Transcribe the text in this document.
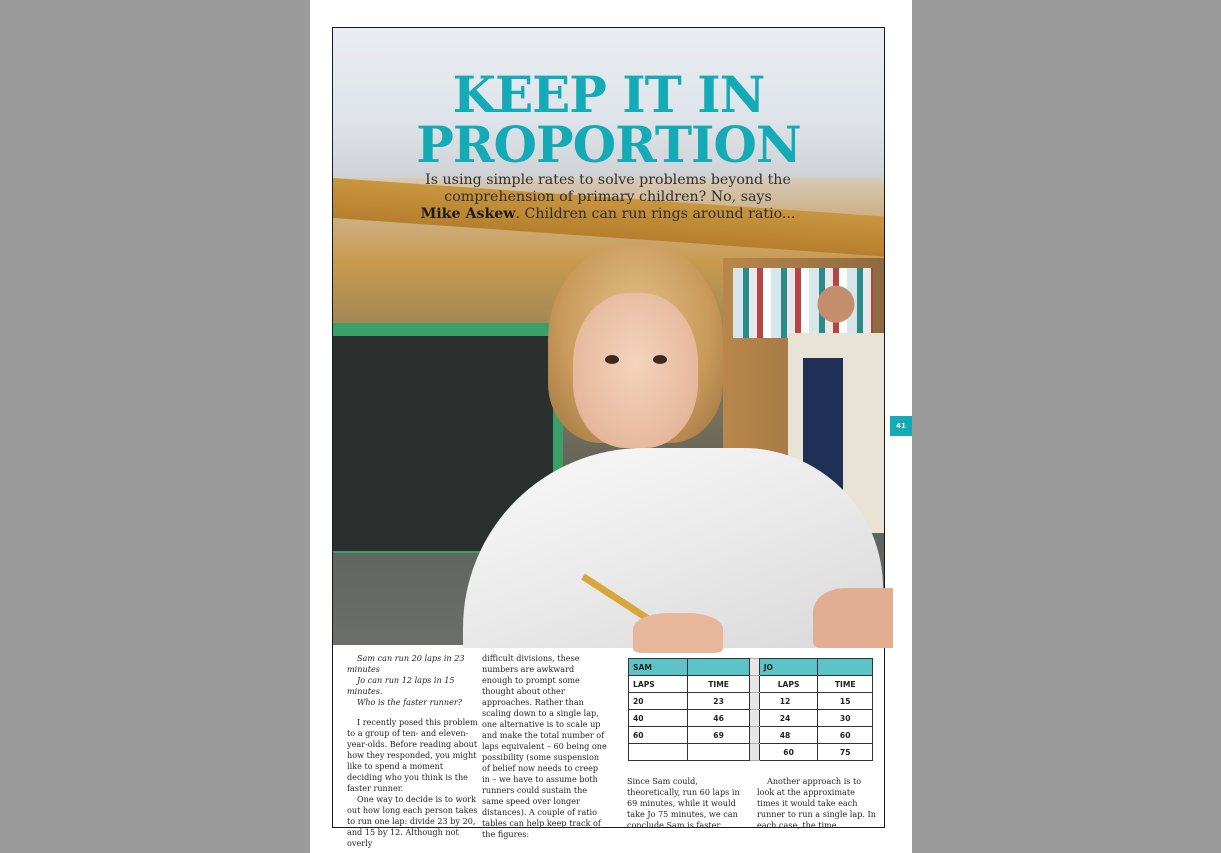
KEEP IT IN
PROPORTION

Is using simple rates to solve problems beyond the
comprehension of primary children? No, says
Mike Askew. Children can run rings around ratio...

Sam can run 20 laps in 23 minutes

Jo can run 12 laps in 15 minutes.

Who is the faster runner?

I recently posed this problem to a group of ten- and eleven-year-olds. Before reading about how they responded, you might like to spend a moment deciding who you think is the faster runner.

One way to decide is to work out how long each person takes to run one lap: divide 23 by 20, and 15 by 12. Although not overly

difficult divisions, these numbers are awkward enough to prompt some thought about other approaches. Rather than scaling down to a single lap, one alternative is to scale up and make the total number of laps equivalent – 60 being one possibility (some suspension of belief now needs to creep in – we have to assume both runners could sustain the same speed over longer distances). A couple of ratio tables can help keep track of the figures:

SAM			JO	
LAPS	TIME		LAPS	TIME
20	23		12	15
40	46		24	30
60	69		48	60
			60	75

Since Sam could, theoretically, run 60 laps in 69 minutes, while it would take Jo 75 minutes, we can conclude Sam is faster.

Another approach is to look at the approximate times it would take each runner to run a single lap. In each case, the time

41
